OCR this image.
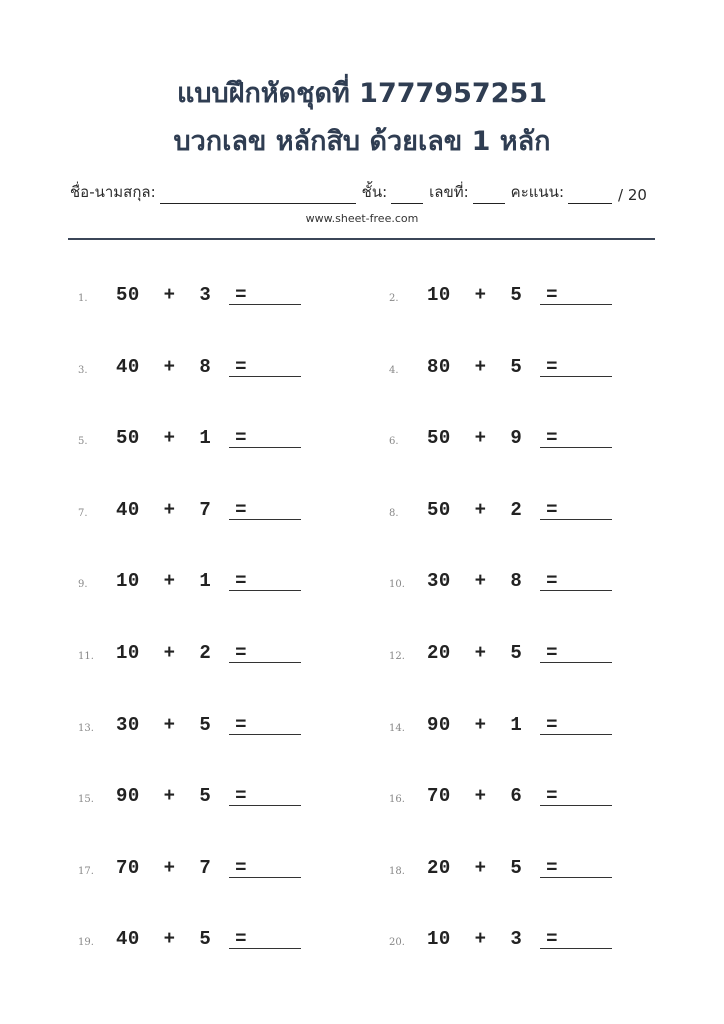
แบบฝึกหัดชุดที่ 1777957251
บวกเลข หลักสิบ ด้วยเลข 1 หลัก
ชื่อ-นามสกุล:	ชั้น:	เลขที่:	คะแนน:	/ 20
www.sheet-free.com
1. 50 + 3 =	2. 10 + 5 =
3. 40 + 8 =	4. 80 + 5 =
5. 50 + 1 =	6. 50 + 9 =
7. 40 + 7 =	8. 50 + 2 =
9. 10 + 1 =	10. 30 + 8 =
11. 10 + 2 =	12. 20 + 5 =
13. 30 + 5 =	14. 90 + 1 =
15. 90 + 5 =	16. 70 + 6 =
17. 70 + 7 =	18. 20 + 5 =
19. 40 + 5 =	20. 10 + 3 =
